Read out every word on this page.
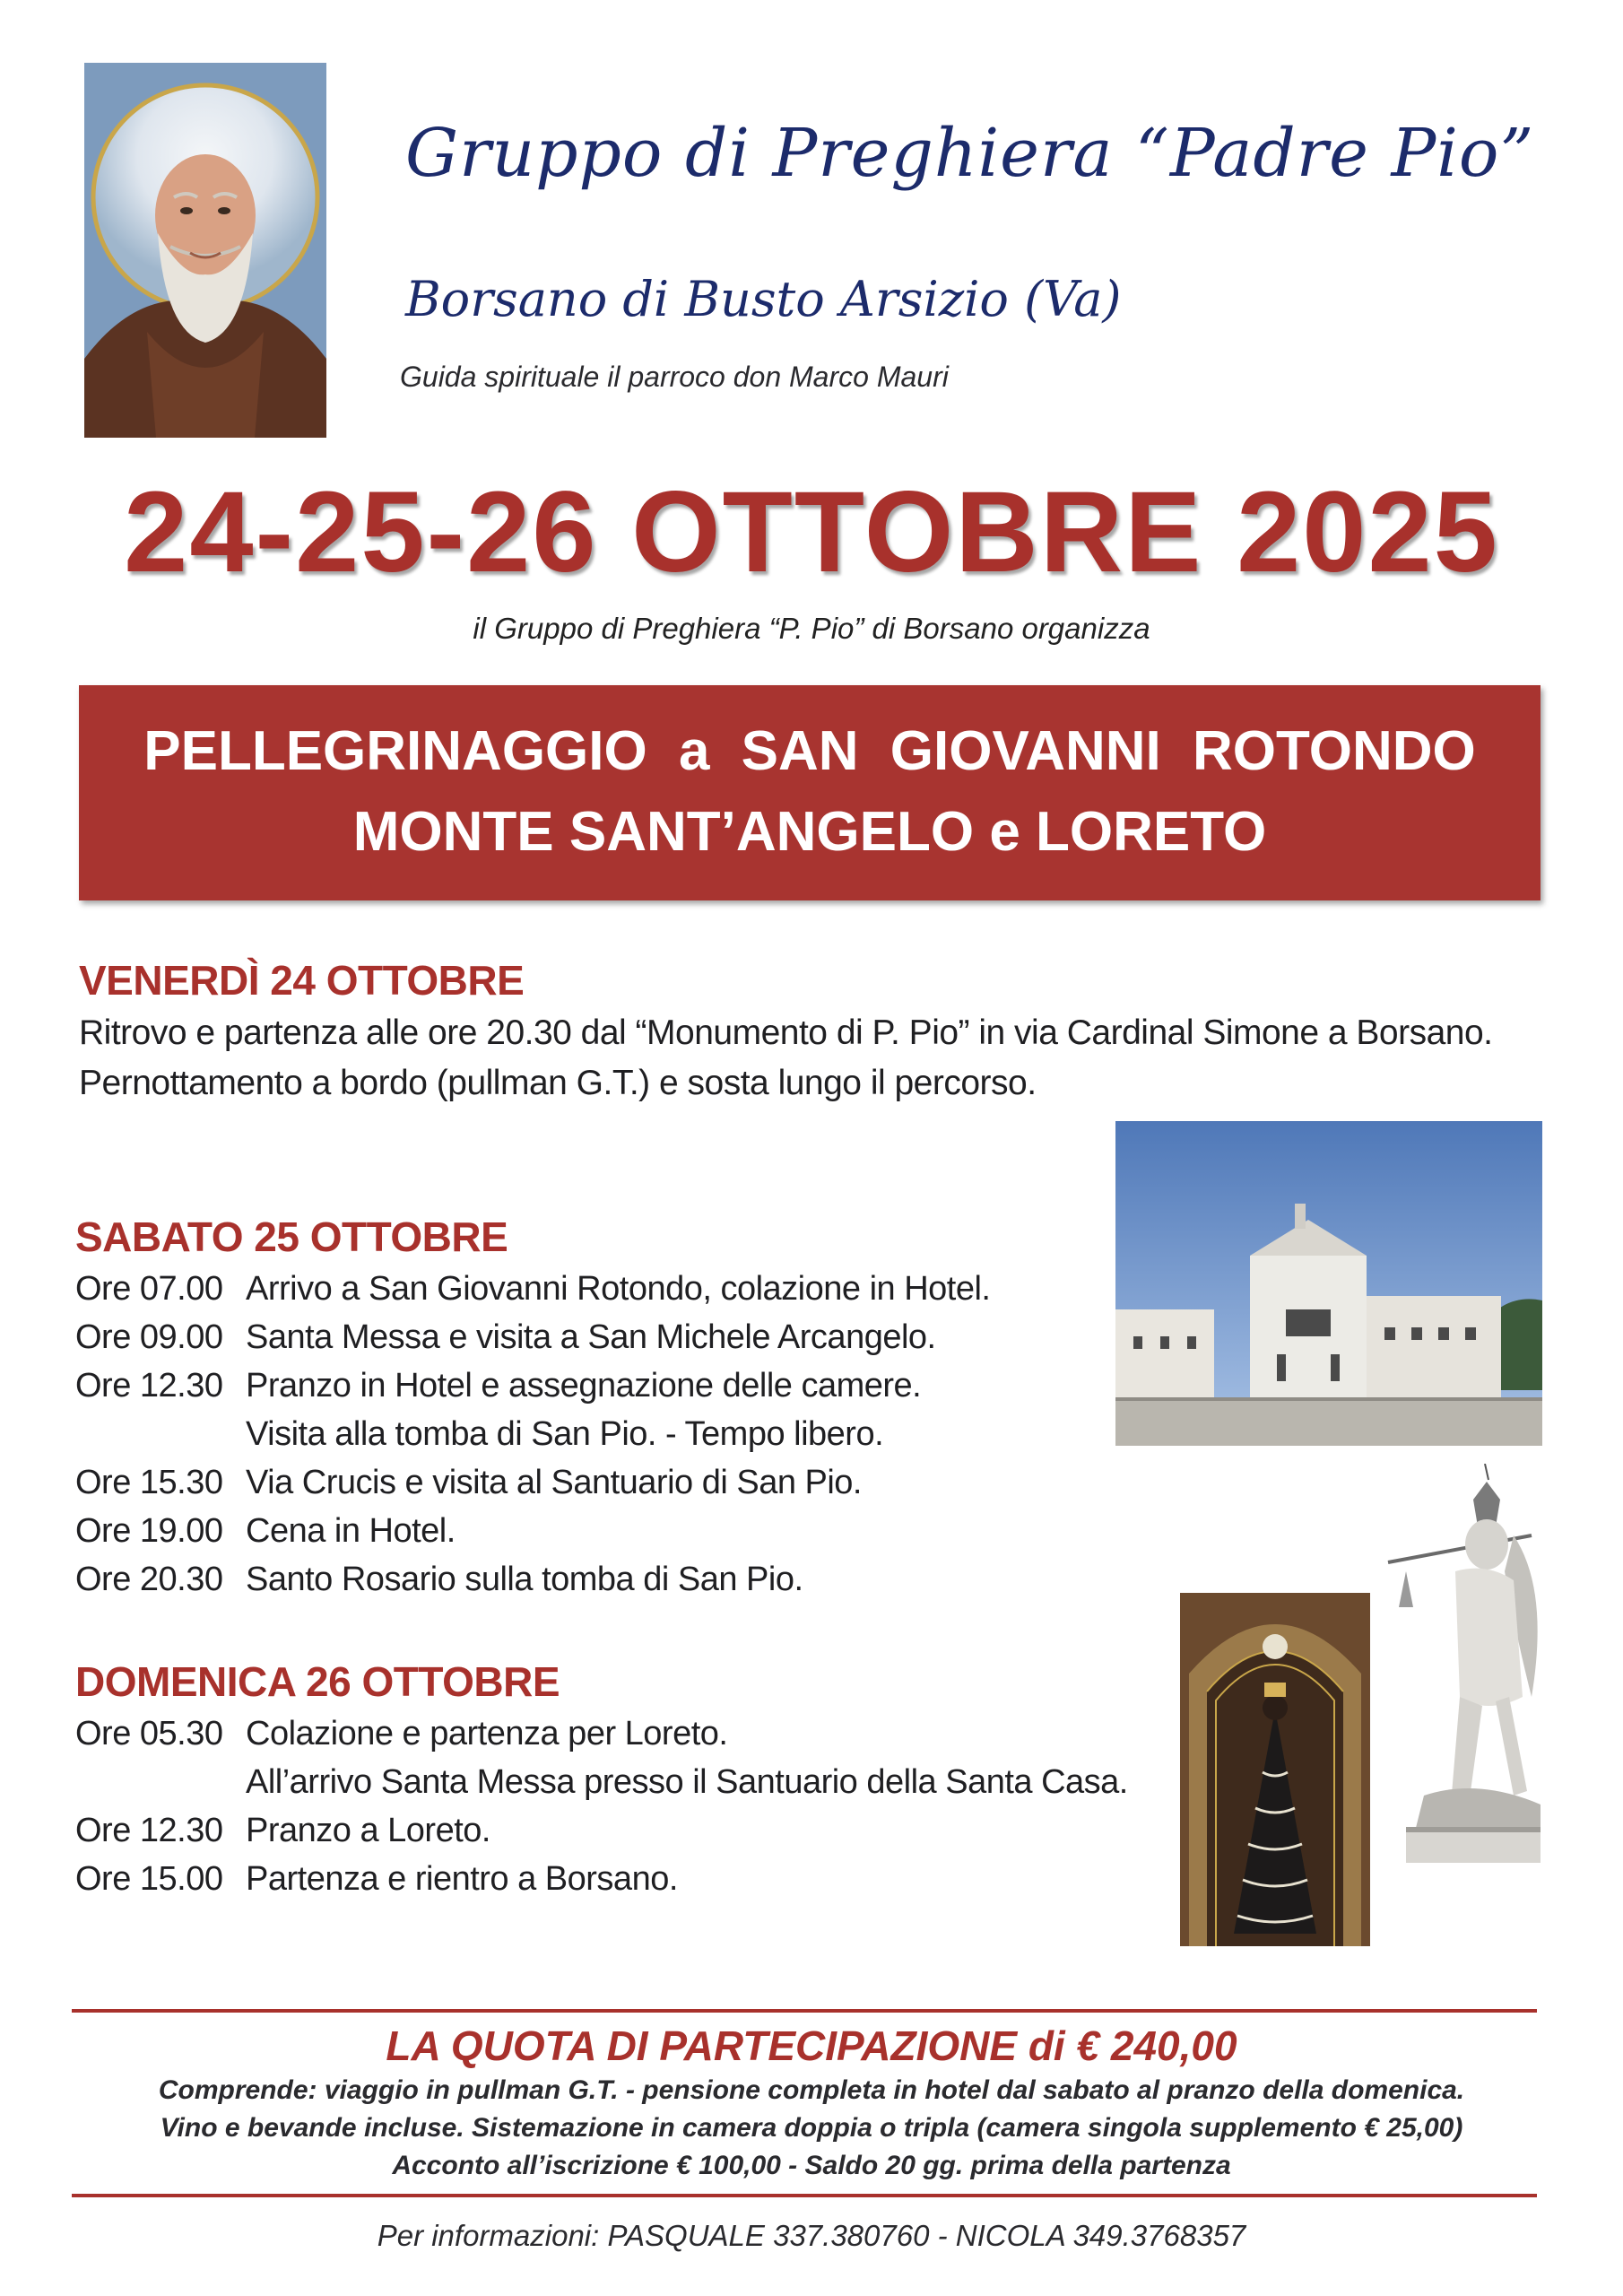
Gruppo di Preghiera “Padre Pio”
Borsano di Busto Arsizio (Va)
Guida spirituale il parroco don Marco Mauri
24-25-26 OTTOBRE 2025
il Gruppo di Preghiera “P. Pio” di Borsano organizza
PELLEGRINAGGIO a SAN GIOVANNI ROTONDO
MONTE SANT’ANGELO e LORETO
VENERDÌ 24 OTTOBRE
Ritrovo e partenza alle ore 20.30 dal “Monumento di P. Pio” in via Cardinal Simone a Borsano.
Pernottamento a bordo (pullman G.T.) e sosta lungo il percorso.
SABATO 25 OTTOBRE
Ore 07.00 Arrivo a San Giovanni Rotondo, colazione in Hotel.
Ore 09.00 Santa Messa e visita a San Michele Arcangelo.
Ore 12.30 Pranzo in Hotel e assegnazione delle camere.
Visita alla tomba di San Pio. - Tempo libero.
Ore 15.30 Via Crucis e visita al Santuario di San Pio.
Ore 19.00 Cena in Hotel.
Ore 20.30 Santo Rosario sulla tomba di San Pio.
DOMENICA 26 OTTOBRE
Ore 05.30 Colazione e partenza per Loreto.
All’arrivo Santa Messa presso il Santuario della Santa Casa.
Ore 12.30 Pranzo a Loreto.
Ore 15.00 Partenza e rientro a Borsano.
LA QUOTA DI PARTECIPAZIONE di € 240,00
Comprende: viaggio in pullman G.T. - pensione completa in hotel dal sabato al pranzo della domenica.
Vino e bevande incluse. Sistemazione in camera doppia o tripla (camera singola supplemento € 25,00)
Acconto all’iscrizione € 100,00 - Saldo 20 gg. prima della partenza
Per informazioni: PASQUALE 337.380760 - NICOLA 349.3768357
